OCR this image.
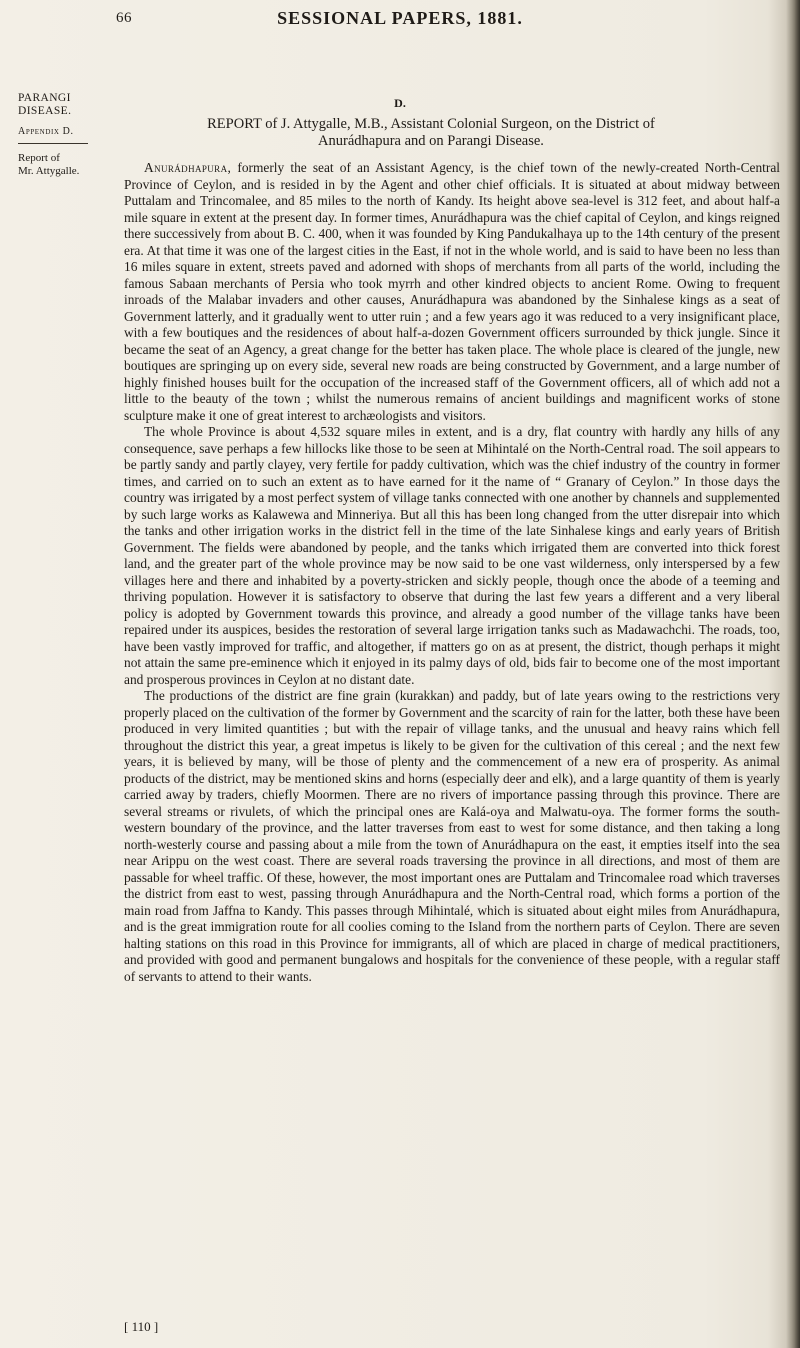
66	SESSIONAL PAPERS, 1881.
PARANGI
DISEASE.
Appendix D.
Report of
Mr. Attygalle.
D.
REPORT of J. Attygalle, M.B., Assistant Colonial Surgeon, on the District of
Anurádhapura and on Parangi Disease.

Anurádhapura, formerly the seat of an Assistant Agency, is the chief town of the newly-created North-Central Province of Ceylon, and is resided in by the Agent and other chief officials. It is situated at about midway between Puttalam and Trincomalee, and 85 miles to the north of Kandy. Its height above sea-level is 312 feet, and about half-a mile square in extent at the present day. In former times, Anurádhapura was the chief capital of Ceylon, and kings reigned there successively from about B. C. 400, when it was founded by King Pandukalhaya up to the 14th century of the present era. At that time it was one of the largest cities in the East, if not in the whole world, and is said to have been no less than 16 miles square in extent, streets paved and adorned with shops of merchants from all parts of the world, including the famous Sabaan merchants of Persia who took myrrh and other kindred objects to ancient Rome. Owing to frequent inroads of the Malabar invaders and other causes, Anurádhapura was abandoned by the Sinhalese kings as a seat of Government latterly, and it gradually went to utter ruin ; and a few years ago it was reduced to a very insignificant place, with a few boutiques and the residences of about half-a-dozen Government officers surrounded by thick jungle. Since it became the seat of an Agency, a great change for the better has taken place. The whole place is cleared of the jungle, new boutiques are springing up on every side, several new roads are being constructed by Government, and a large number of highly finished houses built for the occupation of the increased staff of the Government officers, all of which add not a little to the beauty of the town ; whilst the numerous remains of ancient buildings and magnificent works of stone sculpture make it one of great interest to archæologists and visitors.

The whole Province is about 4,532 square miles in extent, and is a dry, flat country with hardly any hills of any consequence, save perhaps a few hillocks like those to be seen at Mihintalé on the North-Central road. The soil appears to be partly sandy and partly clayey, very fertile for paddy cultivation, which was the chief industry of the country in former times, and carried on to such an extent as to have earned for it the name of “ Granary of Ceylon.” In those days the country was irrigated by a most perfect system of village tanks connected with one another by channels and supplemented by such large works as Kalawewa and Minneriya. But all this has been long changed from the utter disrepair into which the tanks and other irrigation works in the district fell in the time of the late Sinhalese kings and early years of British Government. The fields were abandoned by people, and the tanks which irrigated them are converted into thick forest land, and the greater part of the whole province may be now said to be one vast wilderness, only interspersed by a few villages here and there and inhabited by a poverty-stricken and sickly people, though once the abode of a teeming and thriving population. However it is satisfactory to observe that during the last few years a different and a very liberal policy is adopted by Government towards this province, and already a good number of the village tanks have been repaired under its auspices, besides the restoration of several large irrigation tanks such as Madawachchi. The roads, too, have been vastly improved for traffic, and altogether, if matters go on as at present, the district, though perhaps it might not attain the same pre-eminence which it enjoyed in its palmy days of old, bids fair to become one of the most important and prosperous provinces in Ceylon at no distant date.

The productions of the district are fine grain (kurakkan) and paddy, but of late years owing to the restrictions very properly placed on the cultivation of the former by Government and the scarcity of rain for the latter, both these have been produced in very limited quantities ; but with the repair of village tanks, and the unusual and heavy rains which fell throughout the district this year, a great impetus is likely to be given for the cultivation of this cereal ; and the next few years, it is believed by many, will be those of plenty and the commencement of a new era of prosperity. As animal products of the district, may be mentioned skins and horns (especially deer and elk), and a large quantity of them is yearly carried away by traders, chiefly Moormen. There are no rivers of importance passing through this province. There are several streams or rivulets, of which the principal ones are Kalá-oya and Malwatu-oya. The former forms the south-western boundary of the province, and the latter traverses from east to west for some distance, and then taking a long north-westerly course and passing about a mile from the town of Anurádhapura on the east, it empties itself into the sea near Arippu on the west coast. There are several roads traversing the province in all directions, and most of them are passable for wheel traffic. Of these, however, the most important ones are Puttalam and Trincomalee road which traverses the district from east to west, passing through Anurádhapura and the North-Central road, which forms a portion of the main road from Jaffna to Kandy. This passes through Mihintalé, which is situated about eight miles from Anurádhapura, and is the great immigration route for all coolies coming to the Island from the northern parts of Ceylon. There are seven halting stations on this road in this Province for immigrants, all of which are placed in charge of medical practitioners, and provided with good and permanent bungalows and hospitals for the convenience of these people, with a regular staff of servants to attend to their wants.

[ 110 ]
